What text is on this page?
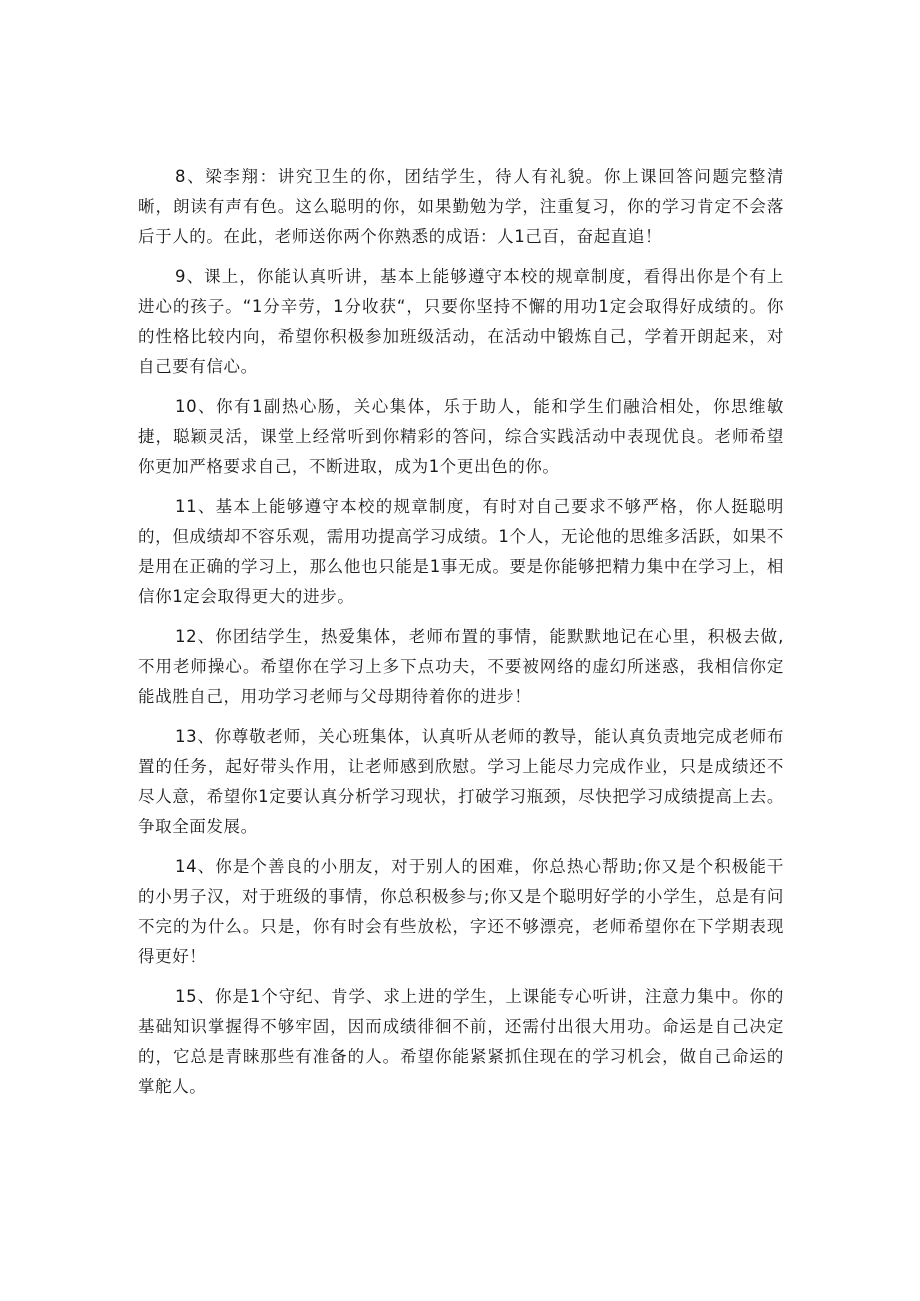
8、梁李翔：讲究卫生的你，团结学生，待人有礼貌。你上课回答问题完整清晰，朗读有声有色。这么聪明的你，如果勤勉为学，注重复习，你的学习肯定不会落后于人的。在此，老师送你两个你熟悉的成语：人1己百，奋起直追！

9、课上，你能认真听讲，基本上能够遵守本校的规章制度，看得出你是个有上进心的孩子。“1分辛劳，1分收获“，只要你坚持不懈的用功1定会取得好成绩的。你的性格比较内向，希望你积极参加班级活动，在活动中锻炼自己，学着开朗起来，对自己要有信心。

10、你有1副热心肠，关心集体，乐于助人，能和学生们融洽相处，你思维敏捷，聪颖灵活，课堂上经常听到你精彩的答问，综合实践活动中表现优良。老师希望你更加严格要求自己，不断进取，成为1个更出色的你。

11、基本上能够遵守本校的规章制度，有时对自己要求不够严格，你人挺聪明的，但成绩却不容乐观，需用功提高学习成绩。1个人，无论他的思维多活跃，如果不是用在正确的学习上，那么他也只能是1事无成。要是你能够把精力集中在学习上，相信你1定会取得更大的进步。

12、你团结学生，热爱集体，老师布置的事情，能默默地记在心里，积极去做,不用老师操心。希望你在学习上多下点功夫，不要被网络的虚幻所迷惑，我相信你定能战胜自己，用功学习老师与父母期待着你的进步！

13、你尊敬老师，关心班集体，认真听从老师的教导，能认真负责地完成老师布置的任务，起好带头作用，让老师感到欣慰。学习上能尽力完成作业，只是成绩还不尽人意，希望你1定要认真分析学习现状，打破学习瓶颈，尽快把学习成绩提高上去。争取全面发展。

14、你是个善良的小朋友，对于别人的困难，你总热心帮助;你又是个积极能干的小男子汉，对于班级的事情，你总积极参与;你又是个聪明好学的小学生，总是有问不完的为什么。只是，你有时会有些放松，字还不够漂亮，老师希望你在下学期表现得更好！

15、你是1个守纪、肯学、求上进的学生，上课能专心听讲，注意力集中。你的基础知识掌握得不够牢固，因而成绩徘徊不前，还需付出很大用功。命运是自己决定的，它总是青睐那些有准备的人。希望你能紧紧抓住现在的学习机会，做自己命运的掌舵人。
